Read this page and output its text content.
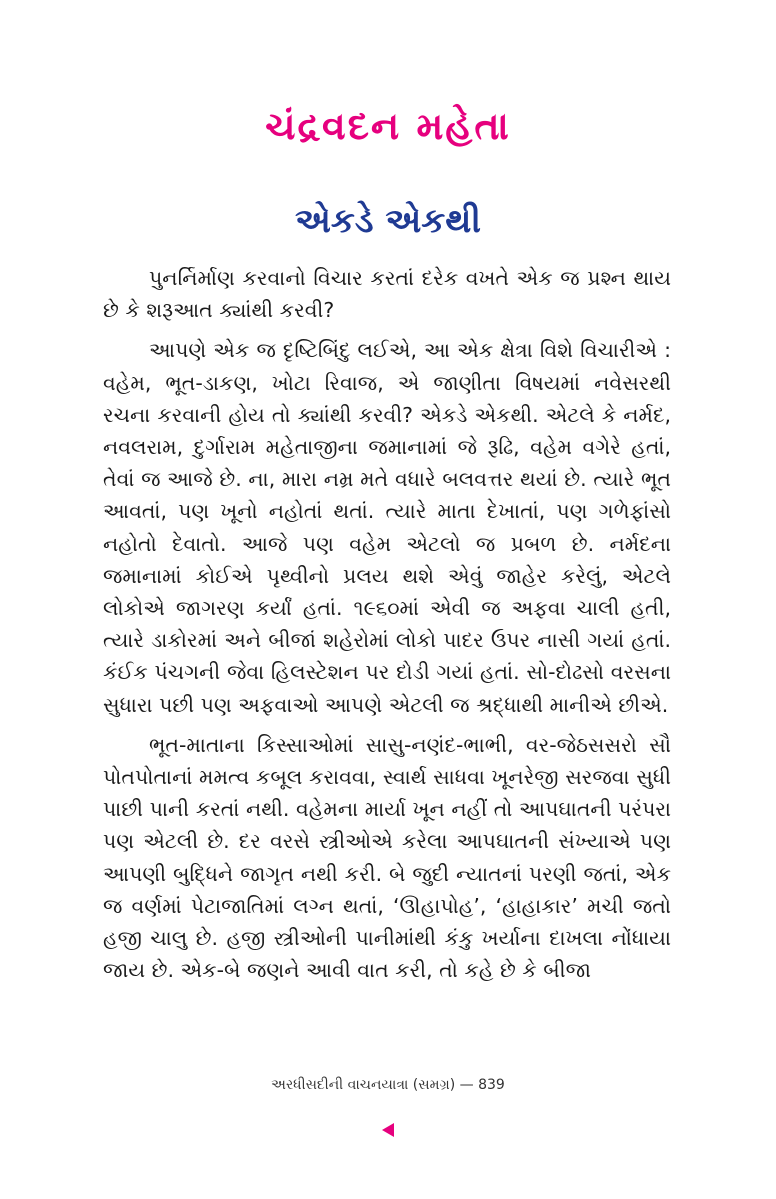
ચંદ્રવદન મહેતા
એકડે એકથી

પુનર્નિર્માણ કરવાનો વિચાર કરતાં દરેક વખતે એક જ પ્રશ્ન થાય છે કે શરૂઆત ક્યાંથી કરવી?

આપણે એક જ દૃષ્ટિબિંદુ લઈએ, આ એક ક્ષેત્રા વિશે વિચારીએ : વહેમ, ભૂત-ડાકણ, ખોટા રિવાજ, એ જાણીતા વિષયમાં નવેસરથી રચના કરવાની હોય તો ક્યાંથી કરવી? એકડે એકથી. એટલે કે નર્મદ, નવલરામ, દુર્ગારામ મહેતાજીના જમાનામાં જે રૂઢિ, વહેમ વગેરે હતાં, તેવાં જ આજે છે. ના, મારા નમ્ર મતે વધારે બલવત્તર થયાં છે. ત્યારે ભૂત આવતાં, પણ ખૂનો નહોતાં થતાં. ત્યારે માતા દેખાતાં, પણ ગળેફાંસો નહોતો દેવાતો. આજે પણ વહેમ એટલો જ પ્રબળ છે. નર્મદના જમાનામાં કોઈએ પૃથ્વીનો પ્રલય થશે એવું જાહેર કરેલું, એટલે લોકોએ જાગરણ કર્યાં હતાં. ૧૯૬૦માં એવી જ અફવા ચાલી હતી, ત્યારે ડાકોરમાં અને બીજાં શહેરોમાં લોકો પાદર ઉપર નાસી ગયાં હતાં. કંઈક પંચગની જેવા હિલસ્ટેશન પર દોડી ગયાં હતાં. સો-દોઢસો વરસના સુધારા પછી પણ અફવાઓ આપણે એટલી જ શ્રદ્ધાથી માનીએ છીએ.

ભૂત-માતાના કિસ્સાઓમાં સાસુ-નણંદ-ભાભી, વર-જેઠસસરો સૌ પોતપોતાનાં મમત્વ કબૂલ કરાવવા, સ્વાર્થ સાધવા ખૂનરેજી સરજવા સુધી પાછી પાની કરતાં નથી. વહેમના માર્યા ખૂન નહીં તો આપઘાતની પરંપરા પણ એટલી છે. દર વરસે સ્ત્રીઓએ કરેલા આપઘાતની સંખ્યાએ પણ આપણી બુદ્ધિને જાગૃત નથી કરી. બે જુદી ન્યાતનાં પરણી જતાં, એક જ વર્ણમાં પેટાજાતિમાં લગ્ન થતાં, ‘ઊહાપોહ’, ‘હાહાકાર’ મચી જતો હજી ચાલુ છે. હજી સ્ત્રીઓની પાનીમાંથી કંકુ ખર્યાના દાખલા નોંધાયા જાય છે. એક-બે જણને આવી વાત કરી, તો કહે છે કે બીજા

અરધીસદીની વાચનયાત્રા (સમગ્ર) — 839
